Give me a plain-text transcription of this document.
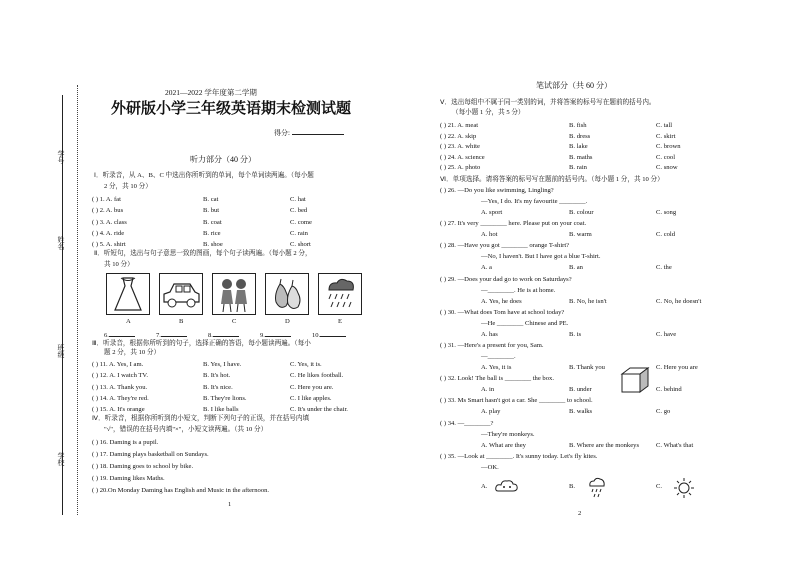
学号
姓名
班级
学校
2021—2022 学年度第二学期
外研版小学三年级英语期末检测试题
得分:
听力部分（40 分）
Ⅰ．听录音，从 A、B、C 中选出你所听到的单词，每个单词读两遍。（每小题
2 分，共 10 分）
( ) 1. A. fat	B. cat	C. hat
( ) 2. A. bus	B. but	C. bed
( ) 3. A. class	B. coat	C. come
( ) 4. A. ride	B. rice	C. rain
( ) 5. A. shirt	B. shoe	C. short
Ⅱ．听短句，选出与句子意思一致的图画，每个句子读两遍。（每小题 2 分，
共 10 分）
A	B	C	D	E
6.	7.	8.	9.	10.
Ⅲ．听录音，根据你所听到的句子，选择正确的答语，每小题读两遍。（每小
题 2 分，共 10 分）
( ) 11. A. Yes, I am.	B. Yes, I have.	C. Yes, it is.
( ) 12. A. I watch TV.	B. It's hot.	C. He likes football.
( ) 13. A. Thank you.	B. It's nice.	C. Here you are.
( ) 14. A. They're red.	B. They're lions.	C. I like apples.
( ) 15. A. It's orange	B. I like balls	C. It's under the chair.
Ⅳ．听录音，根据你所听到的小短文，判断下列句子的正误，并在括号内填
"√"，错误的在括号内填"×"，小短文读两遍。（共 10 分）
( ) 16. Daming is a pupil.
( ) 17. Daming plays basketball on Sundays.
( ) 18. Daming goes to school by bike.
( ) 19. Daming likes Maths.
( ) 20.On Monday Daming has English and Music in the afternoon.
1
笔试部分（共 60 分）
Ⅴ．选出每组中不属于同一类别的词，并将答案的标号写在题前的括号内。
（每小题 1 分，共 5 分）
( ) 21. A. meat	B. fish	C. tall
( ) 22. A. skip	B. dress	C. skirt
( ) 23. A. white	B. lake	C. brown
( ) 24. A. science	B. maths	C. cool
( ) 25. A. photo	B. rain	C. snow
Ⅵ．单项选择。请将答案的标号写在题前的括号内。（每小题 1 分，共 10 分）
( ) 26. —Do you like swimming, Lingling?
—Yes, I do. It's my favourite ________.
A. sport	B. colour	C. song
( ) 27. It's very ________ here. Please put on your coat.
A. hot	B. warm	C. cold
( ) 28. —Have you got ________ orange T-shirt?
—No, I haven't. But I have got a blue T-shirt.
A. a	B. an	C. the
( ) 29. —Does your dad go to work on Saturdays?
—________. He is at home.
A. Yes, he does	B. No, he isn't	C. No, he doesn't
( ) 30. —What does Tom have at school today?
—He ________ Chinese and PE.
A. has	B. is	C. have
( ) 31. —Here's a present for you, Sam.
—________.
A. Yes, it is	B. Thank you	C. Here you are
( ) 32. Look! The ball is ________ the box.
A. in	B. under	C. behind
( ) 33. Ms Smart hasn't got a car. She ________ to school.
A. play	B. walks	C. go
( ) 34. —________?
—They're monkeys.
A. What are they	B. Where are the monkeys	C. What's that
( ) 35. —Look at ________. It's sunny today. Let's fly kites.
—OK.
A.	B.	C.
2
